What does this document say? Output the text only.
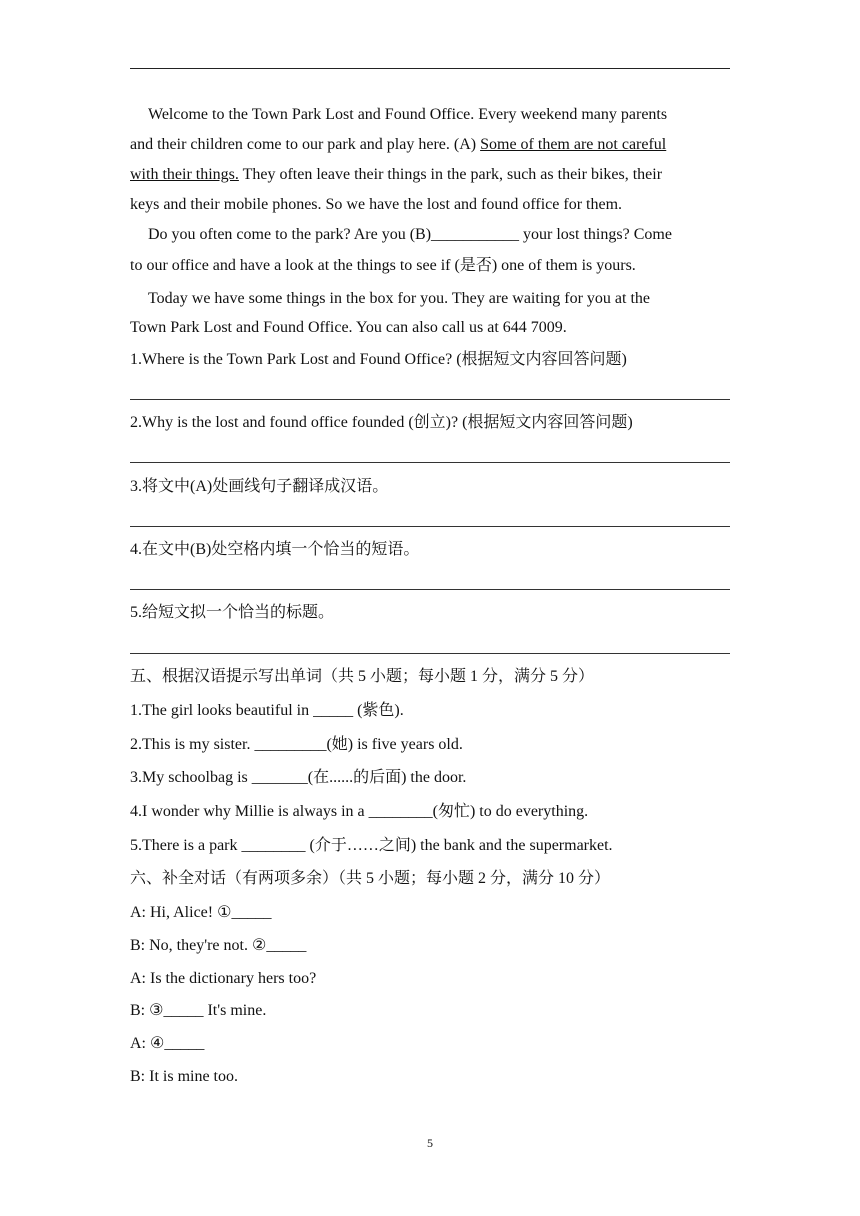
Welcome to the Town Park Lost and Found Office. Every weekend many parents
and their children come to our park and play here. (A) Some of them are not careful
with their things. They often leave their things in the park, such as their bikes, their
keys and their mobile phones. So we have the lost and found office for them.
Do you often come to the park? Are you (B)___________ your lost things? Come
to our office and have a look at the things to see if (是否) one of them is yours.
Today we have some things in the box for you. They are waiting for you at the
Town Park Lost and Found Office. You can also call us at 644 7009.
1.Where is the Town Park Lost and Found Office? (根据短文内容回答问题)
2.Why is the lost and found office founded (创立)? (根据短文内容回答问题)
3.将文中(A)处画线句子翻译成汉语。
4.在文中(B)处空格内填一个恰当的短语。
5.给短文拟一个恰当的标题。
五、根据汉语提示写出单词（共 5 小题；每小题 1 分，满分 5 分）
1.The girl looks beautiful in _____ (紫色).
2.This is my sister. _________(她) is five years old.
3.My schoolbag is _______(在......的后面) the door.
4.I wonder why Millie is always in a ________(匆忙) to do everything.
5.There is a park ________ (介于……之间) the bank and the supermarket.
六、补全对话（有两项多余）（共 5 小题；每小题 2 分，满分 10 分）
A: Hi, Alice! ①_____
B: No, they're not. ②_____
A: Is the dictionary hers too?
B: ③_____ It's mine.
A: ④_____
B: It is mine too.
5
